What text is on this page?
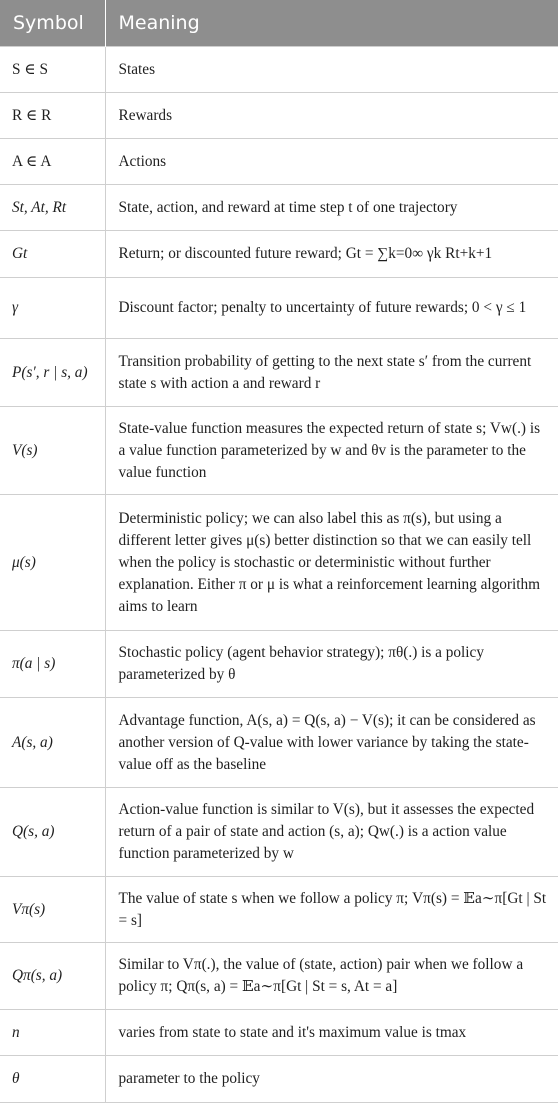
Symbol	Meaning
S ∈ S	States
R ∈ R	Rewards
A ∈ A	Actions
St, At, Rt	State, action, and reward at time step t of one trajectory
Gt	Return; or discounted future reward; Gt = ∑k=0∞ γk Rt+k+1
γ	Discount factor; penalty to uncertainty of future rewards; 0 < γ ≤ 1
P(s′, r | s, a)	Transition probability of getting to the next state s′ from the current state s with action a and reward r
V(s)	State-value function measures the expected return of state s; Vw(.) is a value function parameterized by w and θv is the parameter to the value function
μ(s)	Deterministic policy; we can also label this as π(s), but using a different letter gives μ(s) better distinction so that we can easily tell when the policy is stochastic or deterministic without further explanation. Either π or μ is what a reinforcement learning algorithm aims to learn
π(a | s)	Stochastic policy (agent behavior strategy); πθ(.) is a policy parameterized by θ
A(s, a)	Advantage function, A(s, a) = Q(s, a) − V(s); it can be considered as another version of Q-value with lower variance by taking the state-value off as the baseline
Q(s, a)	Action-value function is similar to V(s), but it assesses the expected return of a pair of state and action (s, a); Qw(.) is a action value function parameterized by w
Vπ(s)	The value of state s when we follow a policy π; Vπ(s) = 𝔼a∼π[Gt | St = s]
Qπ(s, a)	Similar to Vπ(.), the value of (state, action) pair when we follow a policy π; Qπ(s, a) = 𝔼a∼π[Gt | St = s, At = a]
n	varies from state to state and it's maximum value is tmax
θ	parameter to the policy
